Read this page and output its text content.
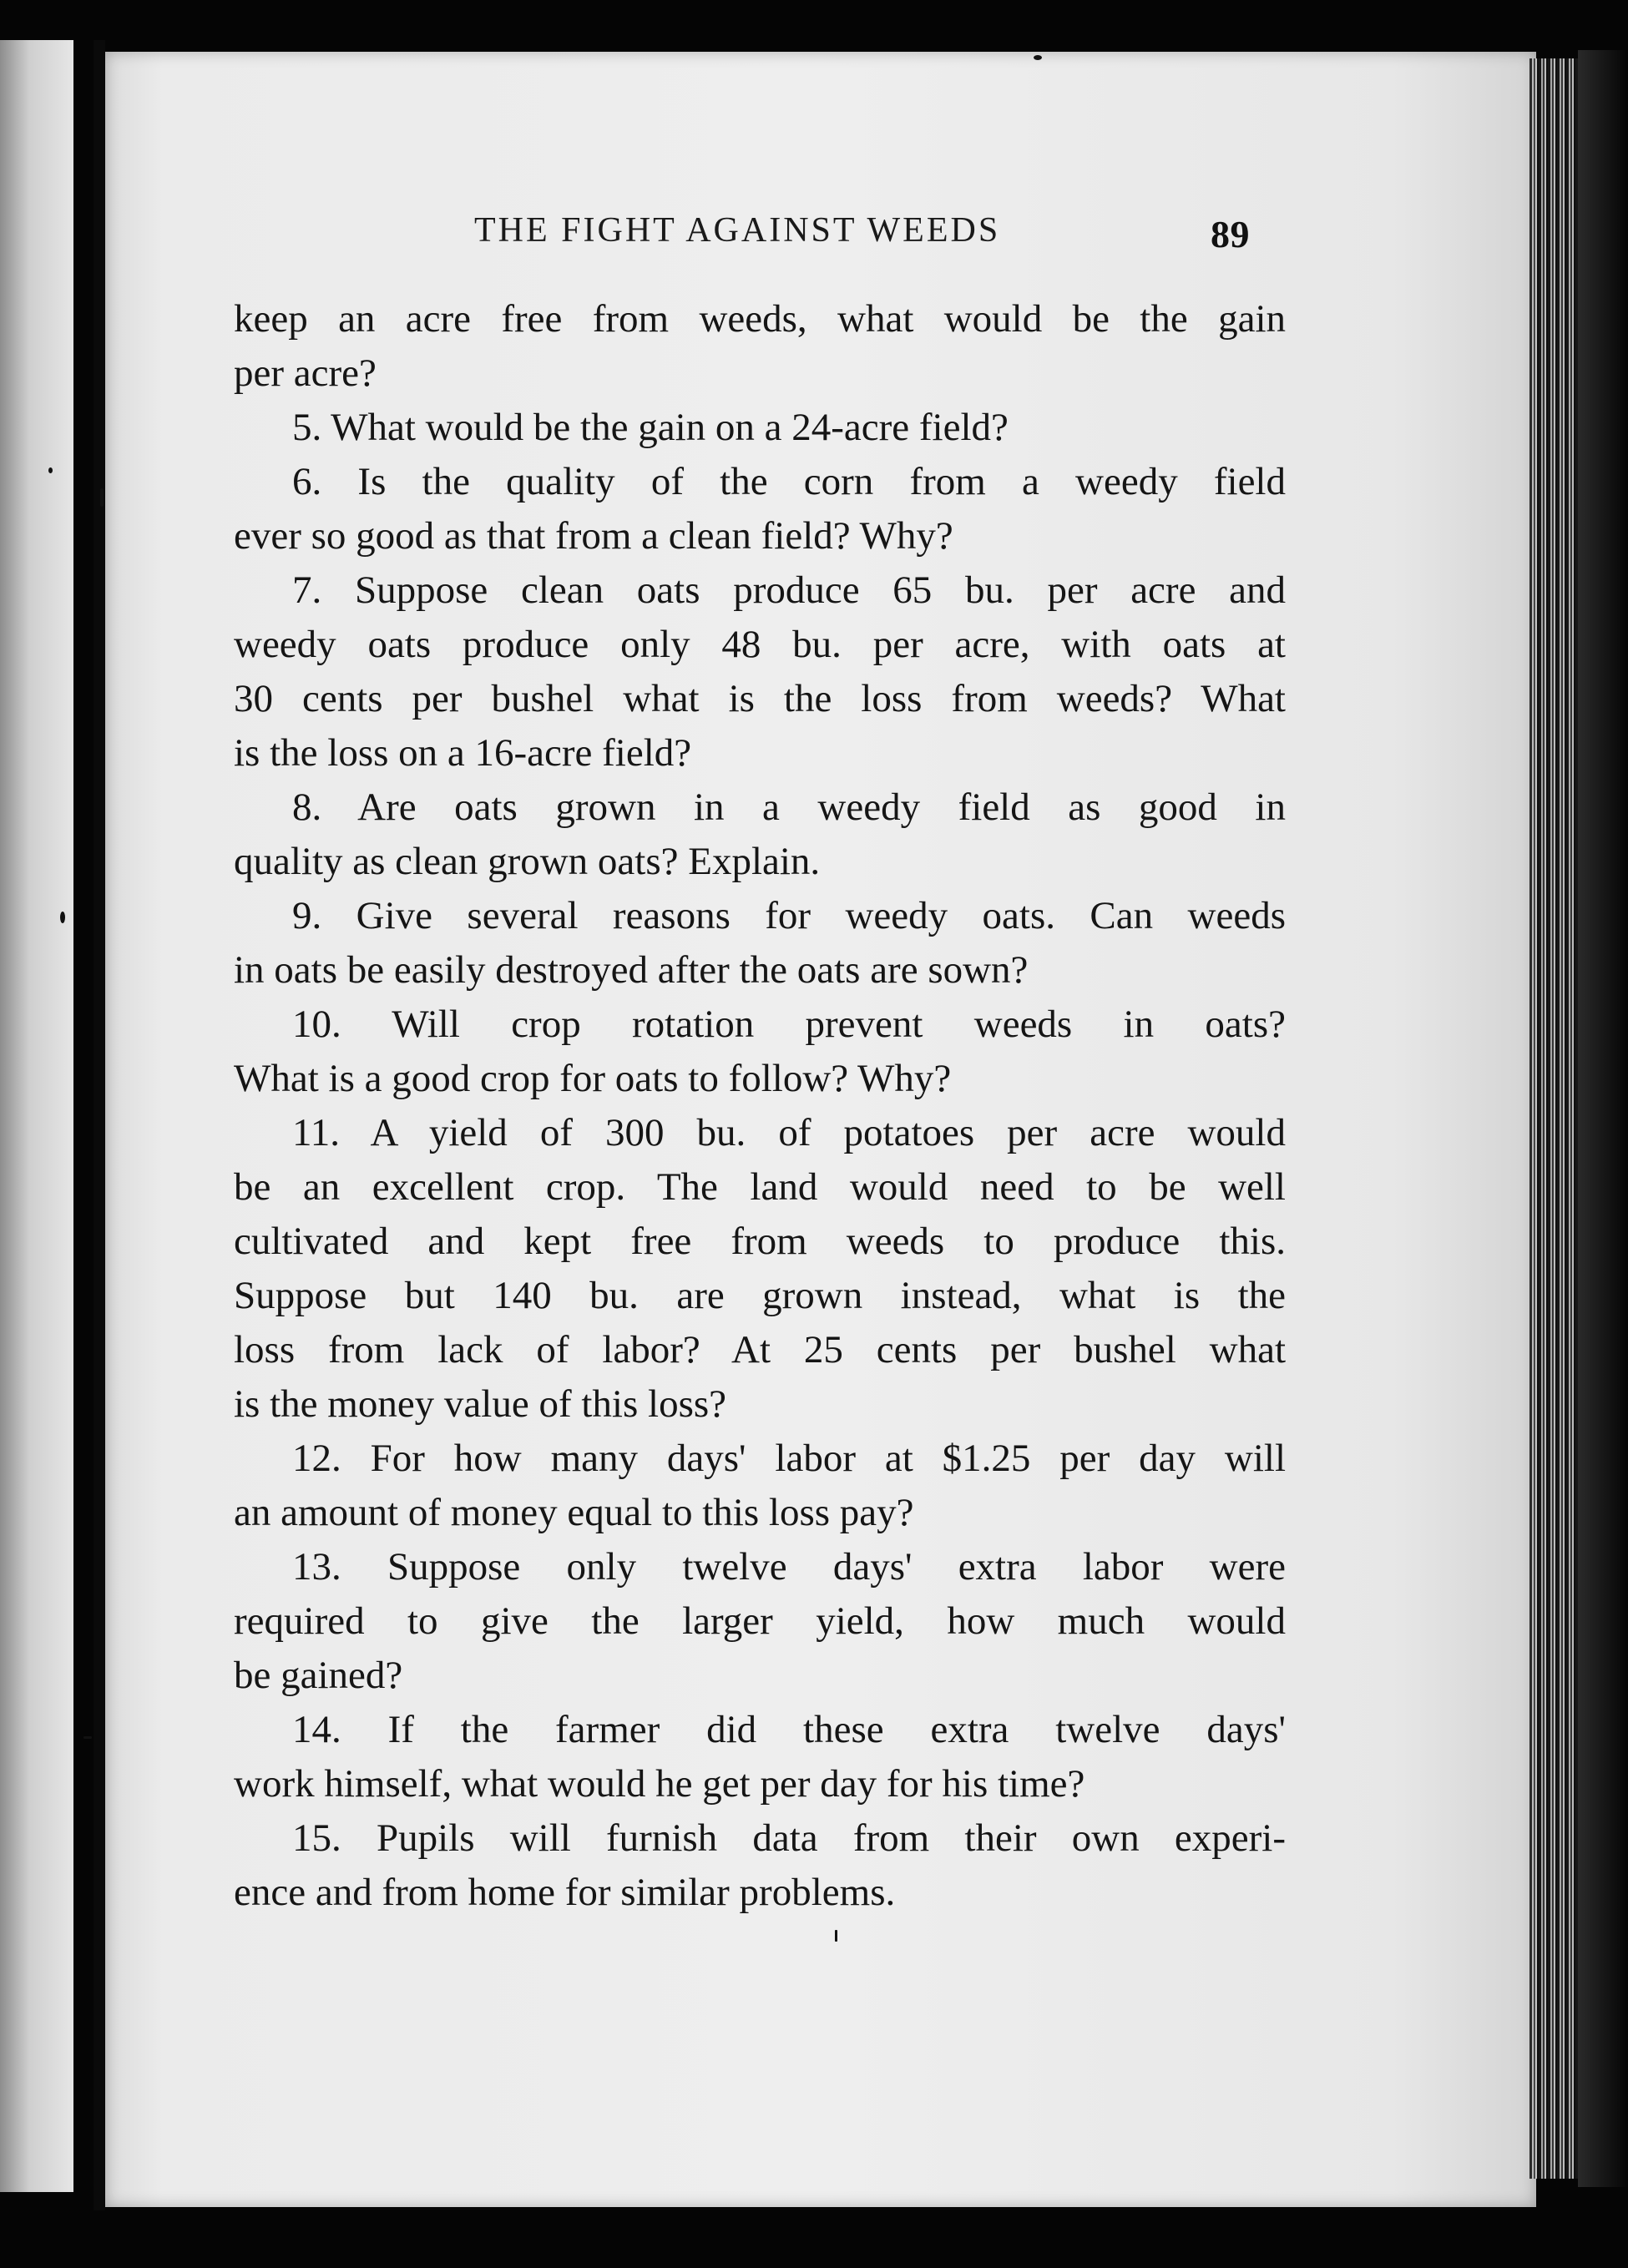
THE FIGHT AGAINST WEEDS	89
keep an acre free from weeds, what would be the gain
per acre?
5. What would be the gain on a 24-acre field?
6. Is the quality of the corn from a weedy field
ever so good as that from a clean field? Why?
7. Suppose clean oats produce 65 bu. per acre and
weedy oats produce only 48 bu. per acre, with oats at
30 cents per bushel what is the loss from weeds? What
is the loss on a 16-acre field?
8. Are oats grown in a weedy field as good in
quality as clean grown oats? Explain.
9. Give several reasons for weedy oats. Can weeds
in oats be easily destroyed after the oats are sown?
10. Will crop rotation prevent weeds in oats?
What is a good crop for oats to follow? Why?
11. A yield of 300 bu. of potatoes per acre would
be an excellent crop. The land would need to be well
cultivated and kept free from weeds to produce this.
Suppose but 140 bu. are grown instead, what is the
loss from lack of labor? At 25 cents per bushel what
is the money value of this loss?
12. For how many days' labor at $1.25 per day will
an amount of money equal to this loss pay?
13. Suppose only twelve days' extra labor were
required to give the larger yield, how much would
be gained?
14. If the farmer did these extra twelve days'
work himself, what would he get per day for his time?
15. Pupils will furnish data from their own experi-
ence and from home for similar problems.
